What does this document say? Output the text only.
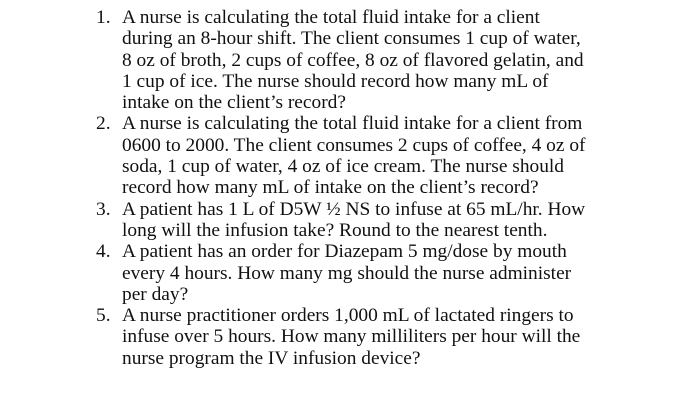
1. A nurse is calculating the total fluid intake for a client
during an 8-hour shift. The client consumes 1 cup of water,
8 oz of broth, 2 cups of coffee, 8 oz of flavored gelatin, and
1 cup of ice. The nurse should record how many mL of
intake on the client’s record?
2. A nurse is calculating the total fluid intake for a client from
0600 to 2000. The client consumes 2 cups of coffee, 4 oz of
soda, 1 cup of water, 4 oz of ice cream. The nurse should
record how many mL of intake on the client’s record?
3. A patient has 1 L of D5W ½ NS to infuse at 65 mL/hr. How
long will the infusion take? Round to the nearest tenth.
4. A patient has an order for Diazepam 5 mg/dose by mouth
every 4 hours. How many mg should the nurse administer
per day?
5. A nurse practitioner orders 1,000 mL of lactated ringers to
infuse over 5 hours. How many milliliters per hour will the
nurse program the IV infusion device?
